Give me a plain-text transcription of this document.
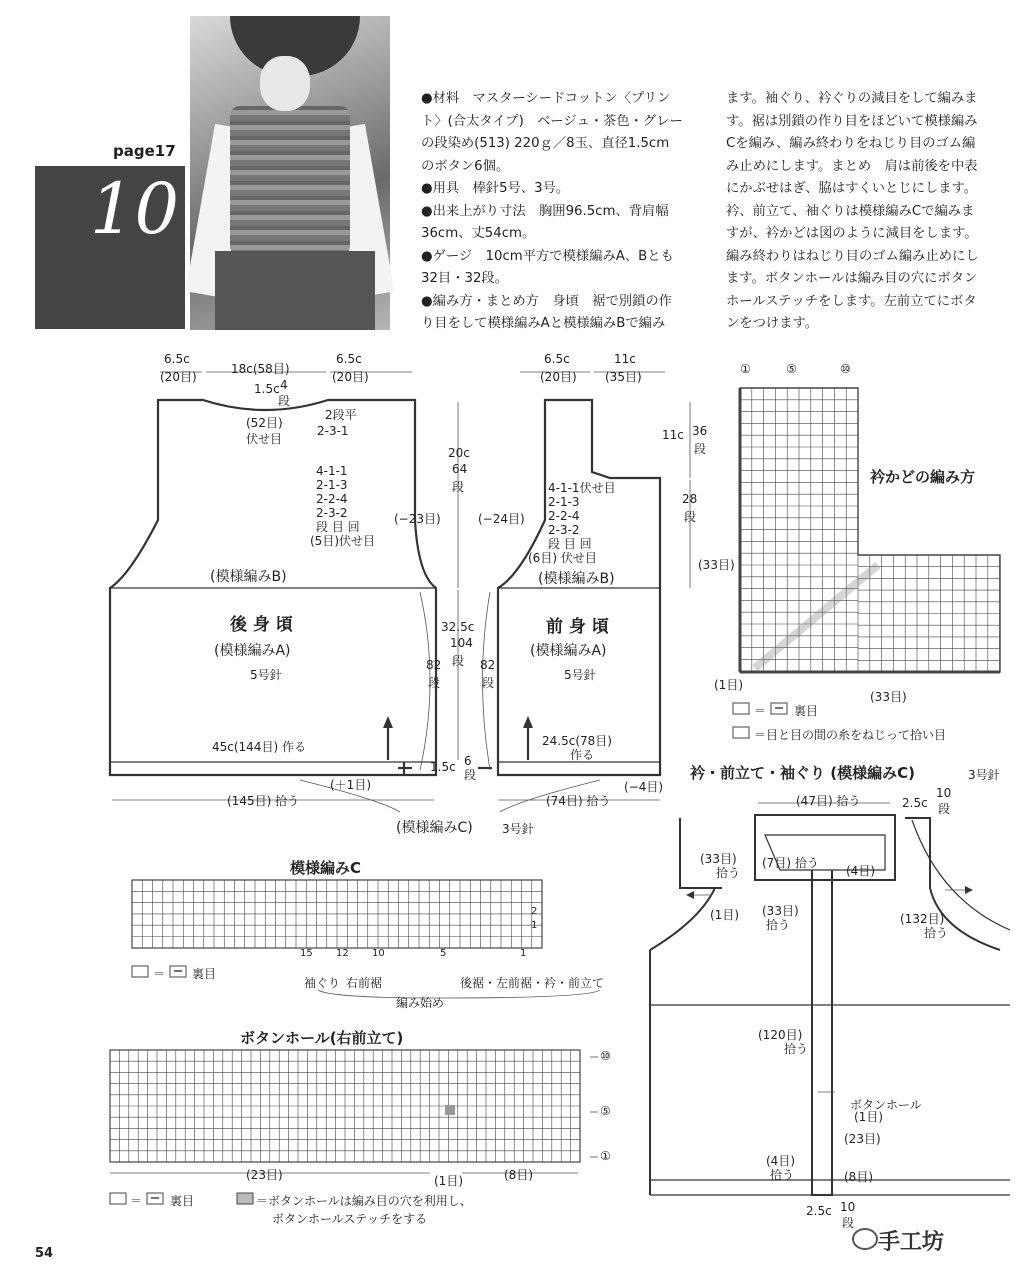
page17
10
●材料　マスターシードコットン〈プリン
ト〉(合太タイプ)　ベージュ・茶色・グレー
の段染め(513) 220ｇ／8玉、直径1.5cm
のボタン6個。
●用具　棒針5号、3号。
●出来上がり寸法　胸囲96.5cm、背肩幅
36cm、丈54cm。
●ゲージ　10cm平方で模様編みA、Bとも
32目・32段。
●編み方・まとめ方　身頃　裾で別鎖の作
り目をして模様編みAと模様編みBで編み
ます。袖ぐり、衿ぐりの減目をして編みま
す。裾は別鎖の作り目をほどいて模様編み
Cを編み、編み終わりをねじり目のゴム編
み止めにします。まとめ　肩は前後を中表
にかぶせはぎ、脇はすくいとじにします。
衿、前立て、袖ぐりは模様編みCで編みま
すが、衿かどは図のように減目をします。
編み終わりはねじり目のゴム編み止めにし
ます。ボタンホールは編み目の穴にボタン
ホールステッチをします。左前立てにボタ
ンをつけます。
6.5c
(20目)
18c(58目)
6.5c
(20目)
1.5c 4
段
(52目)
伏せ目
2段平
2-3-1
4-1-1
2-1-3
2-2-4
2-3-2
段 目 回
(5目)伏せ目
(−23目)
20c
64
段
(模様編みB)
後 身 頃
(模様編みA)
5号針
45c(144目) 作る
32.5c
104
段
82
段
1.5c 6
段
(＋1目)
(145目) 拾う
6.5c
(20目)
11c
(35目)
11c 36
段
28
段
4-1-1伏せ目
2-1-3
2-2-4
2-3-2
段 目 回
(6目) 伏せ目
(−24目)
(模様編みB)
前 身 頃
(模様編みA)
5号針
82
段
24.5c(78目)
作る
(−4目)
(74目) 拾う
(模様編みC) 3号針
①	⑤	⑩
衿かどの編み方
(33目)
(1目)
(33目)
＝ 裏目
＝目と目の間の糸をねじって拾い目
衿・前立て・袖ぐり (模様編みC)	3号針
(47目) 拾う	2.5c
10
段
(33目)
拾う
(7目) 拾う
(4目)
(1目) (33目)
拾う	(132目)
拾う
(120目)
拾う
ボタンホール
(1目)
(23目)
(4目)
拾う	(8目)
2.5c 10
段
模様編みC
2
1
15 12 10	5	1
＝ 裏目
袖ぐり 右前裾	後裾・左前裾・衿・前立て
編み始め
ボタンホール(右前立て)
⑩
⑤
①
(23目)	(1目)	(8目)
＝ 裏目	＝ボタンホールは編み目の穴を利用し、
ボタンホールステッチをする
54	手工坊
